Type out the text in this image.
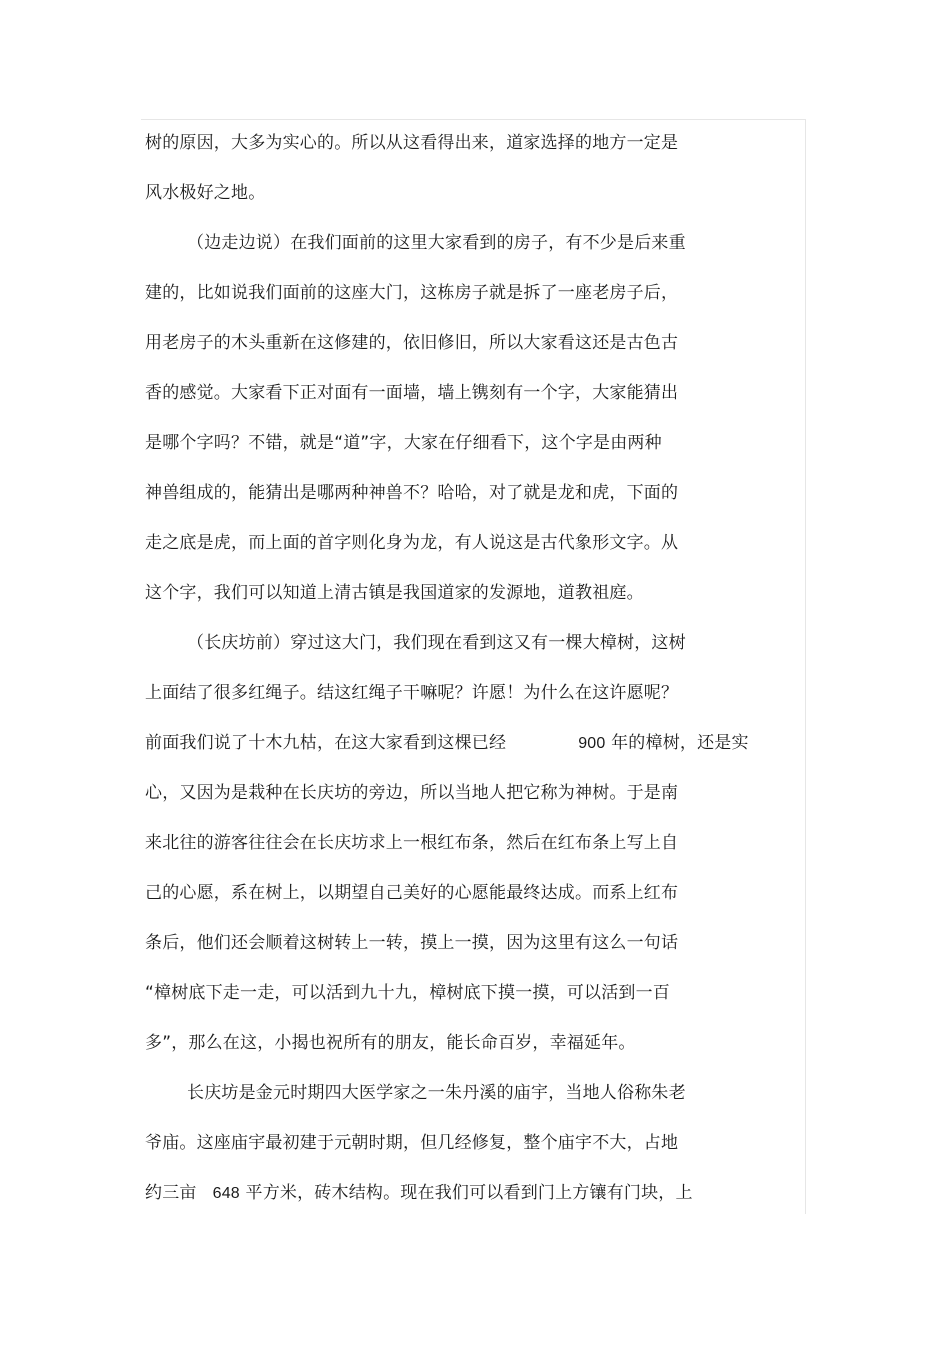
树的原因，大多为实心的。所以从这看得出来，道家选择的地方一定是
风水极好之地。
（边走边说）在我们面前的这里大家看到的房子，有不少是后来重
建的，比如说我们面前的这座大门，这栋房子就是拆了一座老房子后，
用老房子的木头重新在这修建的，依旧修旧，所以大家看这还是古色古
香的感觉。大家看下正对面有一面墙，墙上镌刻有一个字，大家能猜出
是哪个字吗？不错，就是“道”字，大家在仔细看下，这个字是由两种
神兽组成的，能猜出是哪两种神兽不？哈哈，对了就是龙和虎，下面的
走之底是虎，而上面的首字则化身为龙，有人说这是古代象形文字。从
这个字，我们可以知道上清古镇是我国道家的发源地，道教祖庭。
（长庆坊前）穿过这大门，我们现在看到这又有一棵大樟树，这树
上面结了很多红绳子。结这红绳子干嘛呢？许愿！为什么在这许愿呢？
前面我们说了十木九枯，在这大家看到这棵已经	900 年的樟树，还是实
心，又因为是栽种在长庆坊的旁边，所以当地人把它称为神树。于是南
来北往的游客往往会在长庆坊求上一根红布条，然后在红布条上写上自
己的心愿，系在树上，以期望自己美好的心愿能最终达成。而系上红布
条后，他们还会顺着这树转上一转，摸上一摸，因为这里有这么一句话
“樟树底下走一走，可以活到九十九，樟树底下摸一摸，可以活到一百
多”，那么在这，小揭也祝所有的朋友，能长命百岁，幸福延年。
长庆坊是金元时期四大医学家之一朱丹溪的庙宇，当地人俗称朱老
爷庙。这座庙宇最初建于元朝时期，但几经修复，整个庙宇不大，占地
约三亩 648 平方米，砖木结构。现在我们可以看到门上方镶有门块，上
